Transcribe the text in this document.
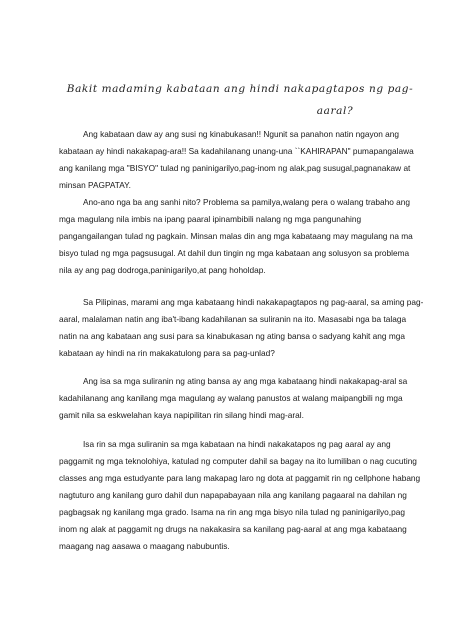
Bakit madaming kabataan ang hindi nakapagtapos ng pag-
aaral?

Ang kabataan daw ay ang susi ng kinabukasan!! Ngunit sa panahon natin ngayon ang kabataan ay hindi nakakapag-ara!! Sa kadahilanang unang-una ``KAHIRAPAN" pumapangalawa ang kanilang mga "BISYO" tulad ng paninigarilyo,pag-inom ng alak,pag susugal,pagnanakaw at minsan PAGPATAY.

Ano-ano nga ba ang sanhi nito? Problema sa pamilya,walang pera o walang trabaho ang mga magulang nila imbis na ipang paaral ipinambibili nalang ng mga pangunahing pangangailangan tulad ng pagkain. Minsan malas din ang mga kabataang may magulang na ma bisyo tulad ng mga pagsusugal. At dahil dun tingin ng mga kabataan ang solusyon sa problema nila ay ang pag dodroga,paninigarilyo,at pang hoholdap.

Sa Pilipinas, marami ang mga kabataang hindi nakakapagtapos ng pag-aaral, sa aming pag-aaral, malalaman natin ang iba't-ibang kadahilanan sa suliranin na ito. Masasabi nga ba talaga natin na ang kabataan ang susi para sa kinabukasan ng ating bansa o sadyang kahit ang mga kabataan ay hindi na rin makakatulong para sa pag-unlad?

Ang isa sa mga suliranin ng ating bansa ay ang mga kabataang hindi nakakapag-aral sa kadahilanang ang kanilang mga magulang ay walang panustos at walang maipangbili ng mga gamit nila sa eskwelahan kaya napipilitan rin silang hindi mag-aral.

Isa rin sa mga suliranin sa mga kabataan na hindi nakakatapos ng pag aaral ay ang paggamit ng mga teknolohiya, katulad ng computer dahil sa bagay na ito lumiliban o nag cucuting classes ang mga estudyante para lang makapag laro ng dota at paggamit rin ng cellphone habang nagtuturo ang kanilang guro dahil dun napapabayaan nila ang kanilang pagaaral na dahilan ng pagbagsak ng kanilang mga grado. Isama na rin ang mga bisyo nila tulad ng paninigarilyo,pag inom ng alak at paggamit ng drugs na nakakasira sa kanilang pag-aaral at ang mga kabataang maagang nag aasawa o maagang nabubuntis.
